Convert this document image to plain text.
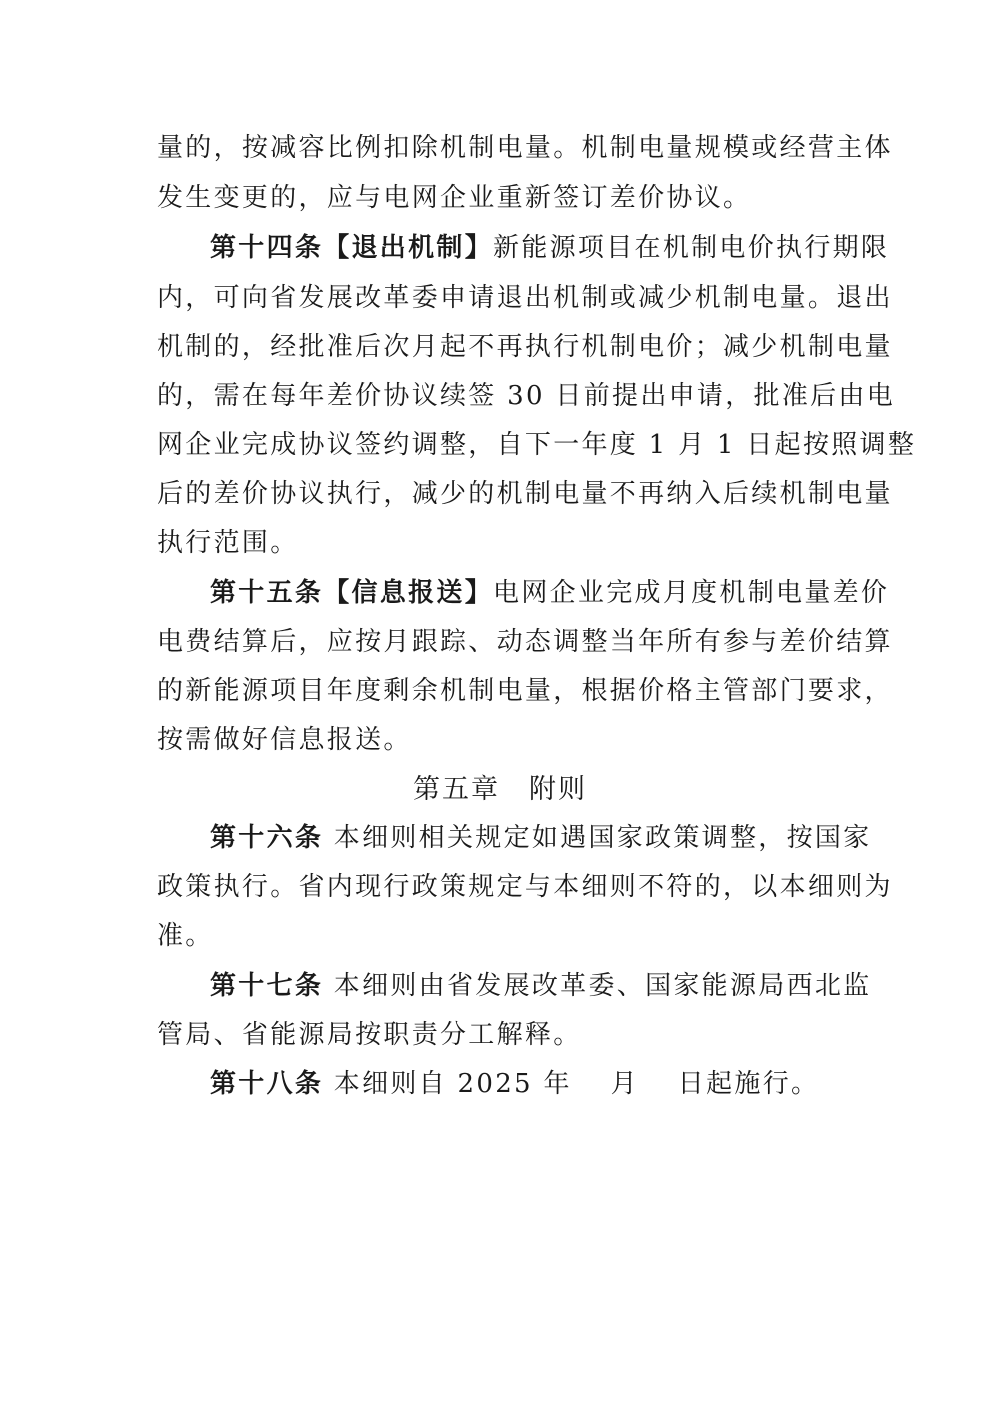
量的，按减容比例扣除机制电量。机制电量规模或经营主体
发生变更的，应与电网企业重新签订差价协议。
第十四条【退出机制】新能源项目在机制电价执行期限
内，可向省发展改革委申请退出机制或减少机制电量。退出
机制的，经批准后次月起不再执行机制电价；减少机制电量
的，需在每年差价协议续签 30 日前提出申请，批准后由电
网企业完成协议签约调整，自下一年度 1 月 1 日起按照调整
后的差价协议执行，减少的机制电量不再纳入后续机制电量
执行范围。
第十五条【信息报送】电网企业完成月度机制电量差价
电费结算后，应按月跟踪、动态调整当年所有参与差价结算
的新能源项目年度剩余机制电量，根据价格主管部门要求，
按需做好信息报送。
第五章　附则
第十六条 本细则相关规定如遇国家政策调整，按国家
政策执行。省内现行政策规定与本细则不符的，以本细则为
准。
第十七条 本细则由省发展改革委、国家能源局西北监
管局、省能源局按职责分工解释。
第十八条 本细则自 2025 年　 月　 日起施行。
